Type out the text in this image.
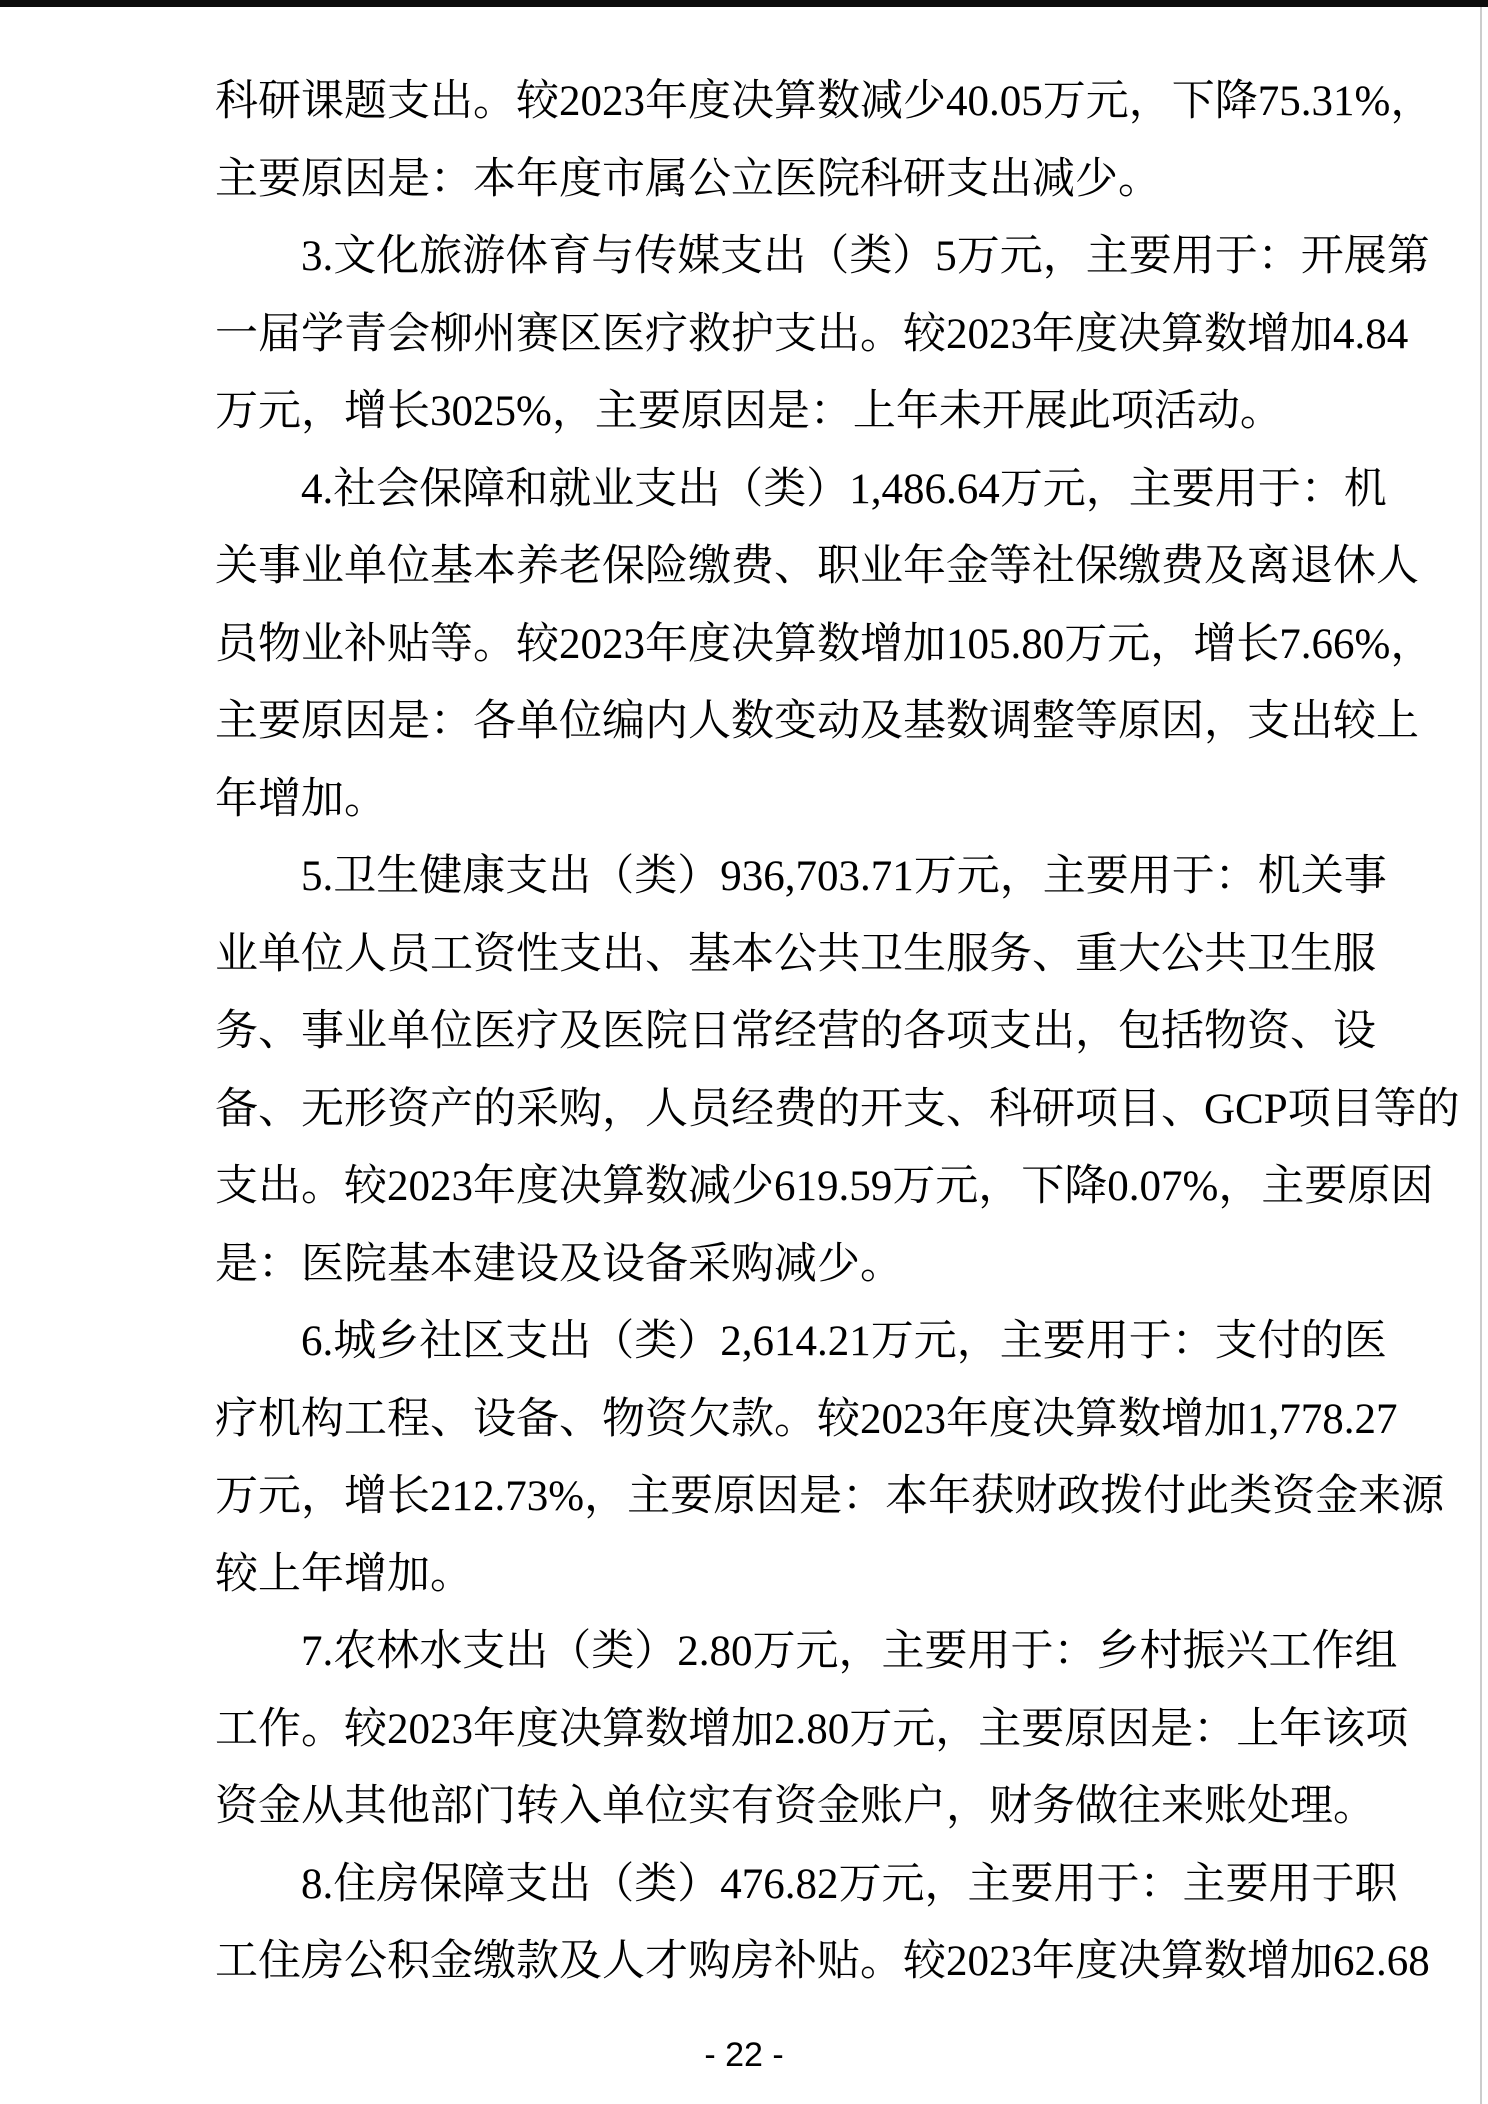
科研课题支出。较2023年度决算数减少40.05万元，下降75.31%，

主要原因是：本年度市属公立医院科研支出减少。

3.文化旅游体育与传媒支出（类）5万元，主要用于：开展第

一届学青会柳州赛区医疗救护支出。较2023年度决算数增加4.84

万元，增长3025%，主要原因是：上年未开展此项活动。

4.社会保障和就业支出（类）1,486.64万元，主要用于：机

关事业单位基本养老保险缴费、职业年金等社保缴费及离退休人

员物业补贴等。较2023年度决算数增加105.80万元，增长7.66%，

主要原因是：各单位编内人数变动及基数调整等原因，支出较上

年增加。

5.卫生健康支出（类）936,703.71万元，主要用于：机关事

业单位人员工资性支出、基本公共卫生服务、重大公共卫生服

务、事业单位医疗及医院日常经营的各项支出，包括物资、设

备、无形资产的采购，人员经费的开支、科研项目、GCP项目等的

支出。较2023年度决算数减少619.59万元，下降0.07%，主要原因

是：医院基本建设及设备采购减少。

6.城乡社区支出（类）2,614.21万元，主要用于：支付的医

疗机构工程、设备、物资欠款。较2023年度决算数增加1,778.27

万元，增长212.73%，主要原因是：本年获财政拨付此类资金来源

较上年增加。

7.农林水支出（类）2.80万元，主要用于：乡村振兴工作组

工作。较2023年度决算数增加2.80万元，主要原因是：上年该项

资金从其他部门转入单位实有资金账户，财务做往来账处理。

8.住房保障支出（类）476.82万元，主要用于：主要用于职

工住房公积金缴款及人才购房补贴。较2023年度决算数增加62.68

- 22 -
